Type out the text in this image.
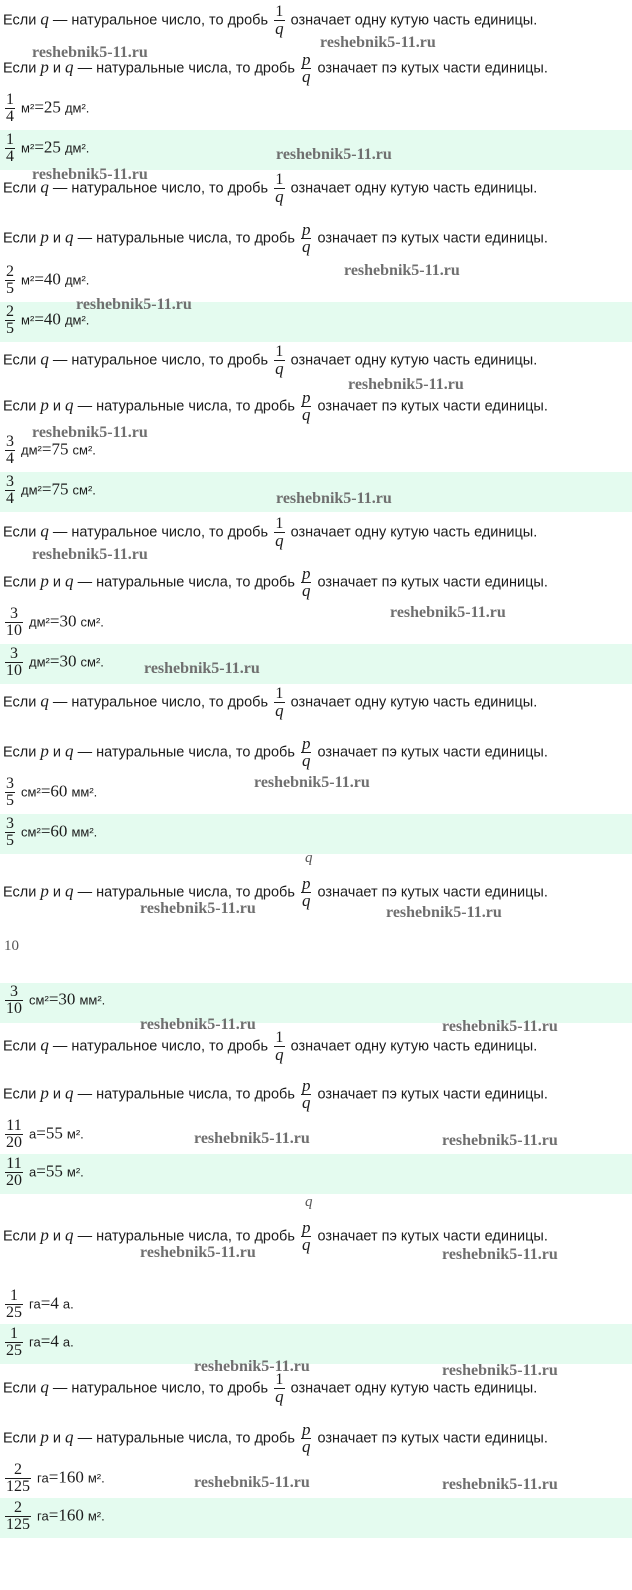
Если q — натуральное число, то дробь $\frac{1}{q}$ означает одну кутую часть единицы.
Если p и q — натуральные числа, то дробь $\frac{p}{q}$ означает пэ кутых части единицы.
$\frac{1}{4} м^2=25$ дм².
$\frac{1}{4} м^2=25$ дм².
Если q — натуральное число, то дробь $\frac{1}{q}$ означает одну кутую часть единицы.
Если p и q — натуральные числа, то дробь $\frac{p}{q}$ означает пэ кутых части единицы.
$\frac{2}{5} м^2=40$ дм².
$\frac{2}{5} м^2=40$ дм².
Если q — натуральное число, то дробь $\frac{1}{q}$ означает одну кутую часть единицы.
Если p и q — натуральные числа, то дробь $\frac{p}{q}$ означает пэ кутых части единицы.
$\frac{3}{4} дм^2=75$ см².
$\frac{3}{4} дм^2=75$ см².
Если q — натуральное число, то дробь $\frac{1}{q}$ означает одну кутую часть единицы.
Если p и q — натуральные числа, то дробь $\frac{p}{q}$ означает пэ кутых части единицы.
$\frac{3}{10} дм^2=30$ см².
$\frac{3}{10} дм^2=30$ см².
Если q — натуральное число, то дробь $\frac{1}{q}$ означает одну кутую часть единицы.
Если p и q — натуральные числа, то дробь $\frac{p}{q}$ означает пэ кутых части единицы.
$\frac{3}{5} см^2=60$ мм².
$\frac{3}{5} см^2=60$ мм².
q
Если p и q — натуральные числа, то дробь $\frac{p}{q}$ означает пэ кутых части единицы.
10
$\frac{3}{10} см^2=30$ мм².
Если q — натуральное число, то дробь $\frac{1}{q}$ означает одну кутую часть единицы.
Если p и q — натуральные числа, то дробь $\frac{p}{q}$ означает пэ кутых части единицы.
$\frac{11}{20} а=55$ м².
$\frac{11}{20} а=55$ м².
q
Если p и q — натуральные числа, то дробь $\frac{p}{q}$ означает пэ кутых части единицы.
$\frac{1}{25} га=4$ а.
$\frac{1}{25} га=4$ а.
Если q — натуральное число, то дробь $\frac{1}{q}$ означает одну кутую часть единицы.
Если p и q — натуральные числа, то дробь $\frac{p}{q}$ означает пэ кутых части единицы.
$\frac{2}{125} га=160$ м².
$\frac{2}{125} га=160$ м².
reshebnik5-11.ru
reshebnik5-11.ru
reshebnik5-11.ru
reshebnik5-11.ru
reshebnik5-11.ru
reshebnik5-11.ru
reshebnik5-11.ru
reshebnik5-11.ru
reshebnik5-11.ru
reshebnik5-11.ru
reshebnik5-11.ru
reshebnik5-11.ru
reshebnik5-11.ru
reshebnik5-11.ru	reshebnik5-11.ru
reshebnik5-11.ru	reshebnik5-11.ru
reshebnik5-11.ru	reshebnik5-11.ru
reshebnik5-11.ru	reshebnik5-11.ru
reshebnik5-11.ru	reshebnik5-11.ru
reshebnik5-11.ru	reshebnik5-11.ru
